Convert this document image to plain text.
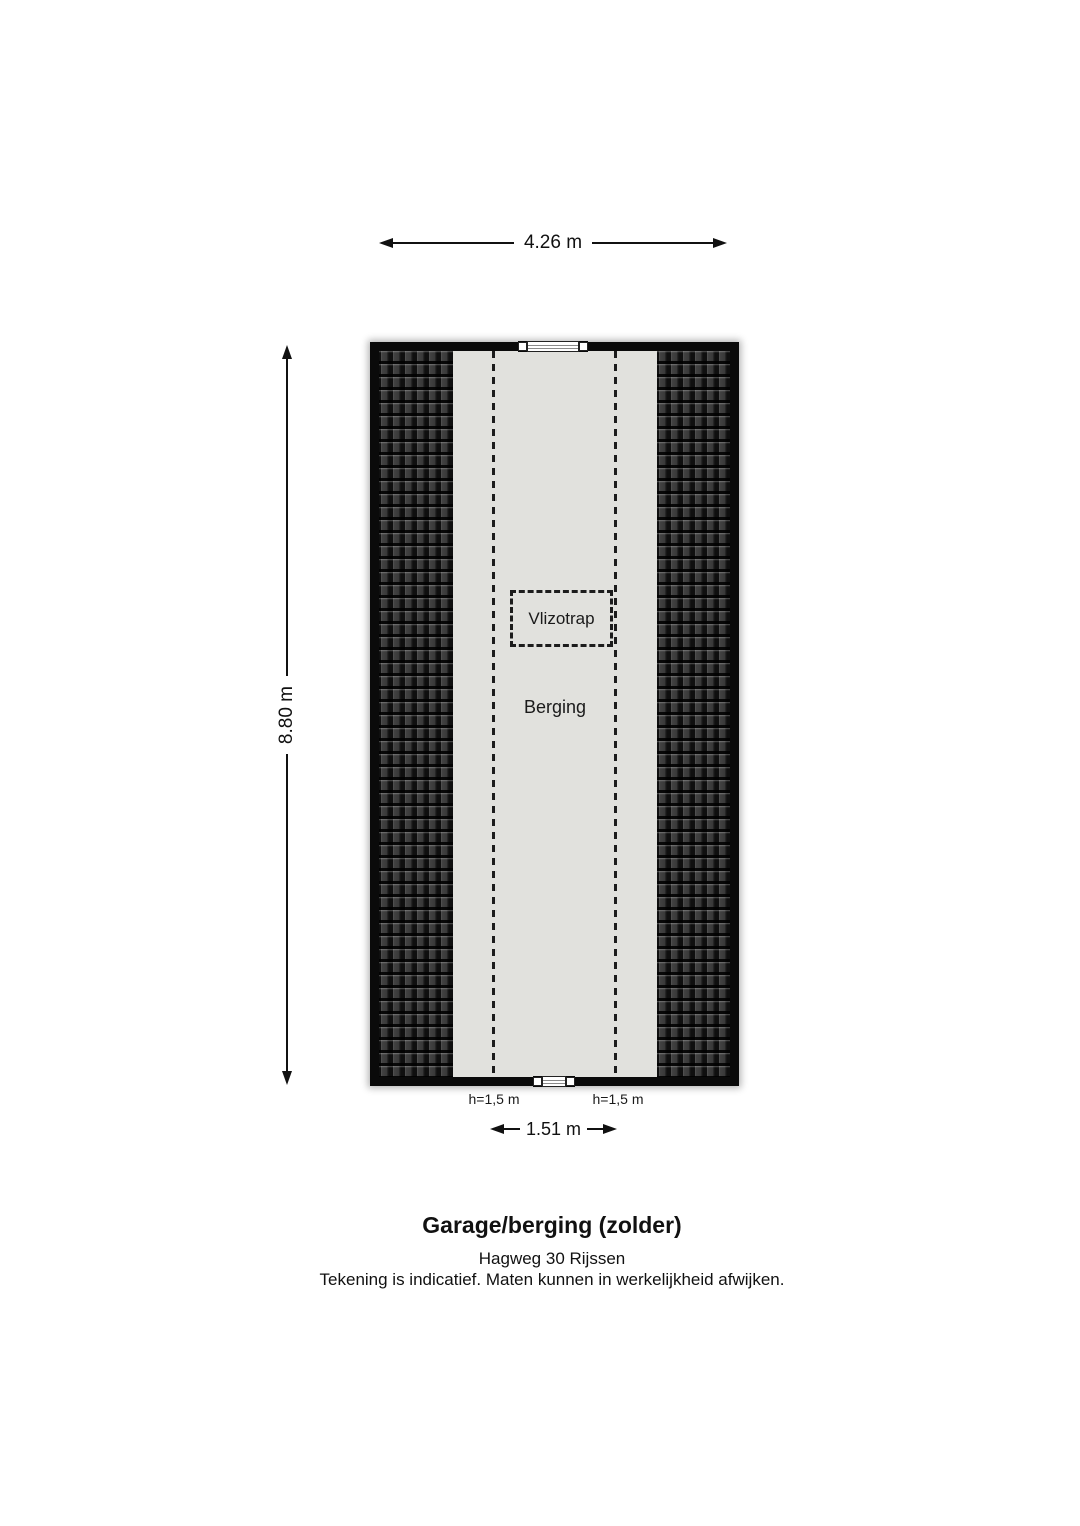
4.26 m
8.80 m
Vlizotrap
Berging
h=1,5 m	h=1,5 m
1.51 m
Garage/berging (zolder)
Hagweg 30 Rijssen
Tekening is indicatief. Maten kunnen in werkelijkheid afwijken.
